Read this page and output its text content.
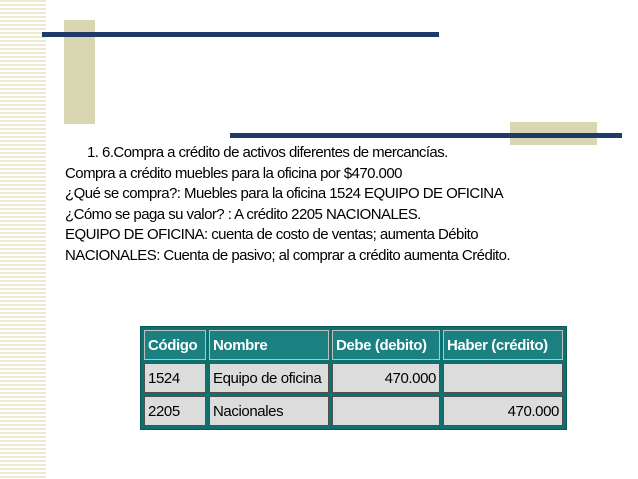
1. 6.Compra a crédito de activos diferentes de mercancías.
Compra a crédito muebles para la oficina por $470.000
¿Qué se compra?: Muebles para la oficina 1524 EQUIPO DE OFICINA
¿Cómo se paga su valor? : A crédito 2205 NACIONALES.
EQUIPO DE OFICINA: cuenta de costo de ventas; aumenta Débito
NACIONALES: Cuenta de pasivo; al comprar a crédito aumenta Crédito.
Código	Nombre	Debe (debito)	Haber (crédito)
1524	Equipo de oficina	470.000	
2205	Nacionales		470.000
